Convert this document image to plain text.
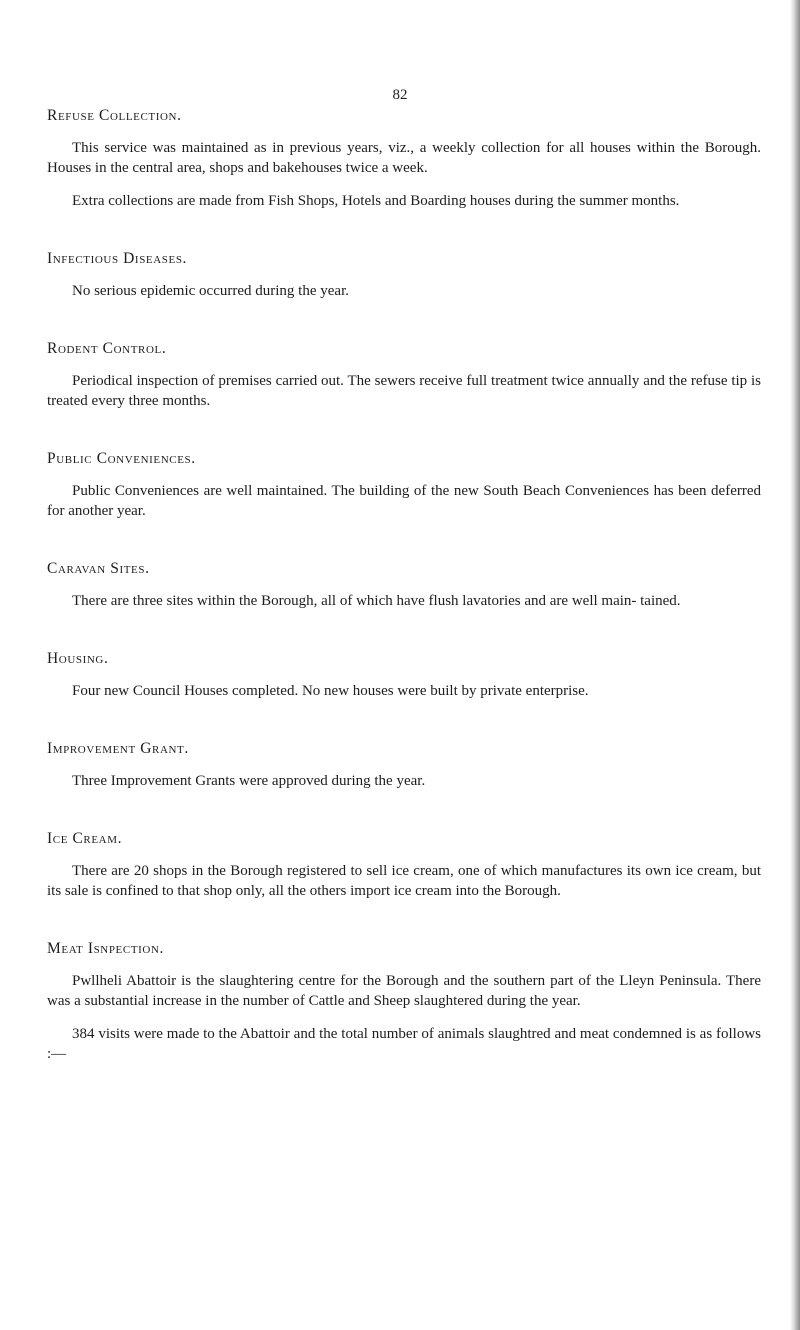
82
Refuse Collection.

This service was maintained as in previous years, viz., a weekly collection for all houses within the Borough. Houses in the central area, shops and bakehouses twice a week.

Extra collections are made from Fish Shops, Hotels and Boarding houses during the summer months.

Infectious Diseases.

No serious epidemic occurred during the year.

Rodent Control.

Periodical inspection of premises carried out. The sewers receive full treatment twice annually and the refuse tip is treated every three months.

Public Conveniences.

Public Conveniences are well maintained. The building of the new South Beach Conveniences has been deferred for another year.

Caravan Sites.

There are three sites within the Borough, all of which have flush lavatories and are well main- tained.

Housing.

Four new Council Houses completed. No new houses were built by private enterprise.

Improvement Grant.

Three Improvement Grants were approved during the year.

Ice Cream.

There are 20 shops in the Borough registered to sell ice cream, one of which manufactures its own ice cream, but its sale is confined to that shop only, all the others import ice cream into the Borough.

Meat Isnpection.

Pwllheli Abattoir is the slaughtering centre for the Borough and the southern part of the Lleyn Peninsula. There was a substantial increase in the number of Cattle and Sheep slaughtered during the year.

384 visits were made to the Abattoir and the total number of animals slaughtred and meat condemned is as follows :—
